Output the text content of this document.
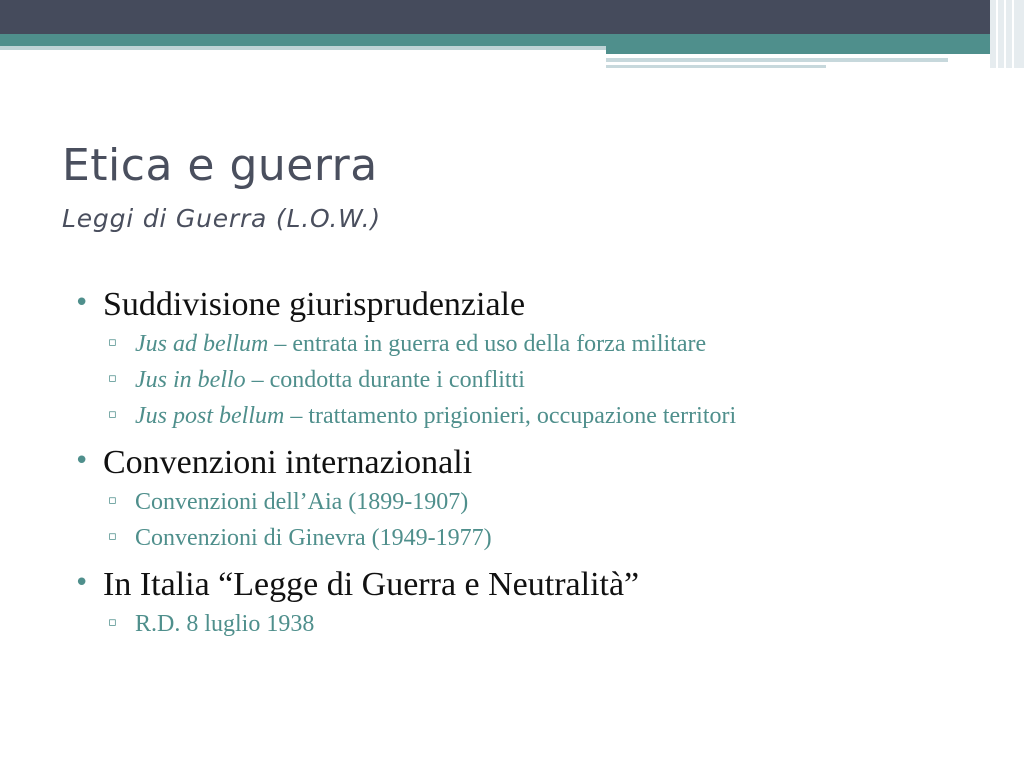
Etica e guerra
Leggi di Guerra (L.O.W.)
• Suddivisione giurisprudenziale
▫ Jus ad bellum – entrata in guerra ed uso della forza militare
▫ Jus in bello – condotta durante i conflitti
▫ Jus post bellum – trattamento prigionieri, occupazione territori
• Convenzioni internazionali
▫ Convenzioni dell’Aia (1899-1907)
▫ Convenzioni di Ginevra (1949-1977)
• In Italia “Legge di Guerra e Neutralità”
▫ R.D. 8 luglio 1938
